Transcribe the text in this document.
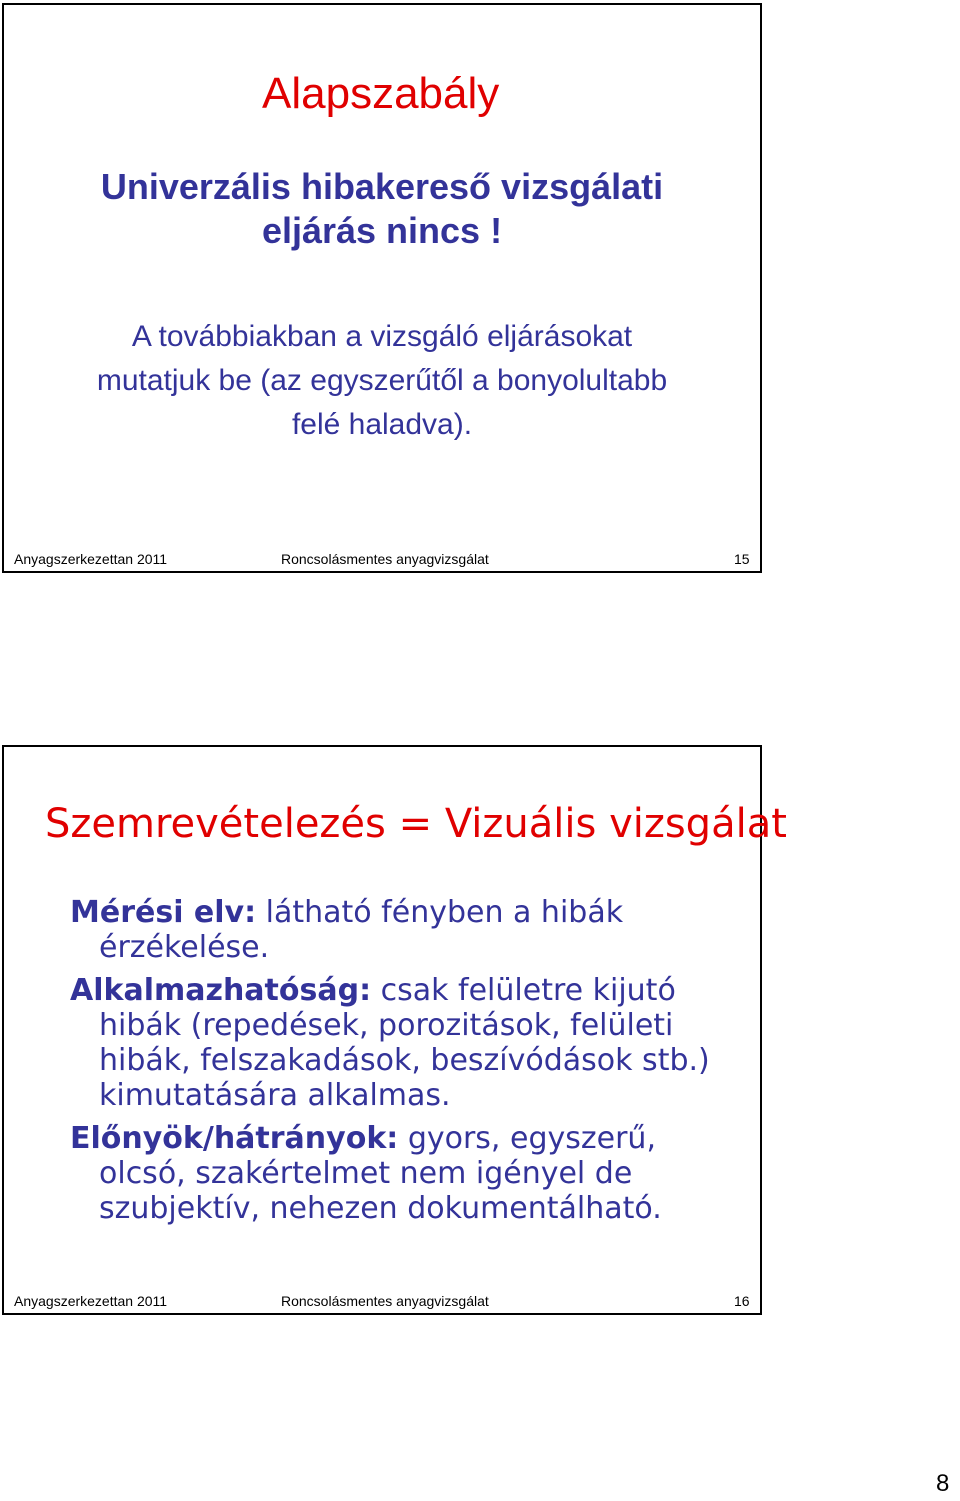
Alapszabály
Univerzális hibakereső vizsgálati
eljárás nincs !
A továbbiakban a vizsgáló eljárásokat
mutatjuk be (az egyszerűtől a bonyolultabb
felé haladva).
Anyagszerkezettan 2011	Roncsolásmentes anyagvizsgálat	15
Szemrevételezés = Vizuális vizsgálat
Mérési elv: látható fényben a hibák
érzékelése.
Alkalmazhatóság: csak felületre kijutó
hibák (repedések, porozitások, felületi
hibák, felszakadások, beszívódások stb.)
kimutatására alkalmas.
Előnyök/hátrányok: gyors, egyszerű,
olcsó, szakértelmet nem igényel de
szubjektív, nehezen dokumentálható.
Anyagszerkezettan 2011	Roncsolásmentes anyagvizsgálat	16
8
